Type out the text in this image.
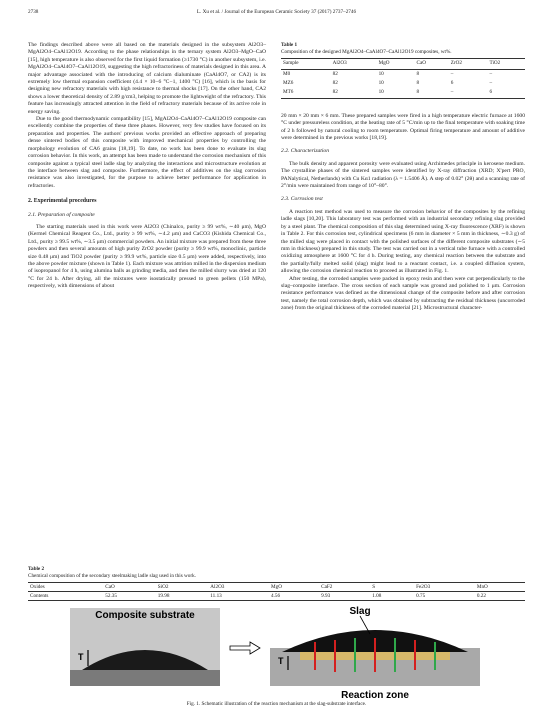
2738	L. Xu et al. / Journal of the European Ceramic Society 37 (2017) 2737–2746

The findings described above were all based on the materials designed in the subsystem Al2O3–MgAl2O4–CaAl12O19. According to the phase relationships in the ternary system Al2O3–MgO–CaO [15], high temperature is also observed for the first liquid formation (≥1730 °C) in another subsystem, i.e. MgAl2O4–CaAl4O7–CaAl12O19, suggesting the high refractoriness of materials designed in this area. A major advantage associated with the introducing of calcium dialuminate (CaAl4O7, or CA2) is its extremely low thermal expansion coefficient (4.4 × 10−6 °C−1, 1400 °C) [16], which is the basis for designing new refractory materials with high resistance to thermal shocks [17]. On the other hand, CA2 shows a lower theoretical density of 2.89 g/cm3, helping to promote the lightweight of the refractory. This feature has increasingly attracted attention in the field of refractory materials because of its active role in energy saving.

Due to the good thermodynamic compatibility [15], MgAl2O4–CaAl4O7–CaAl12O19 composite can excellently combine the properties of these three phases. However, very few studies have focused on its preparation and properties. The authors' previous works provided an effective approach of preparing dense sintered bodies of this composite with improved mechanical properties by controlling the morphology evolution of CA6 grains [18,19]. To date, no work has been done to evaluate its slag corrosion behavior. In this work, an attempt has been made to understand the corrosion mechanism of this composite against a typical steel ladle slag by analyzing the interactions and microstructure evolution at the interface between slag and composite. Furthermore, the effect of additives on the slag corrosion resistance was also investigated, for the purpose to achieve better performance for application in refractories.

2. Experimental procedures
2.1. Preparation of composite

The starting materials used in this work were Al2O3 (Chinalco, purity ≥ 99 wt%, ∼40 μm), MgO (Kermel Chemical Reagent Co., Ltd., purity ≥ 99 wt%, ∼4.2 μm) and CaCO3 (Kishida Chemical Co., Ltd., purity ≥ 99.5 wt%, ∼3.5 μm) commercial powders. An initial mixture was prepared from these three powders and then several amounts of high purity ZrO2 powder (purity ≥ 99.9 wt%, monoclinic, particle size 0.48 μm) and TiO2 powder (purity ≥ 99.9 wt%, particle size 0.5 μm) were added, respectively, into the above powder mixture (shown in Table 1). Each mixture was attrition milled in the dispersion medium of isopropanol for 4 h, using alumina balls as grinding media, and then the milled slurry was dried at 120 °C for 24 h. After drying, all the mixtures were isostatically pressed to green pellets (150 MPa), respectively, with dimensions of about

Table 1
Composition of the designed MgAl2O4–CaAl4O7–CaAl12O19 composites, wt%.
Sample	Al2O3	MgO	CaO	ZrO2	TiO2
M0	82	10	8	–	–
MZ6	82	10	8	6	–
MT6	82	10	8	–	6

20 mm × 20 mm × 6 mm. These prepared samples were fired in a high temperature electric furnace at 1600 °C under pressureless condition, at the heating rate of 5 °C/min up to the final temperature with soaking time of 2 h followed by natural cooling to room temperature. Optimal firing temperature and amount of additive were determined in the previous works [18,19].

2.2. Characterization

The bulk density and apparent porosity were evaluated using Archimedes principle in kerosene medium. The crystalline phases of the sintered samples were identified by X-ray diffraction (XRD; X'pert PRO, PANalytical, Netherlands) with Cu Kα1 radiation (λ = 1.5406 Å). A step of 0.02° (2θ) and a scanning rate of 2°/min were maintained from range of 10°–80°.

2.3. Corrosion test

A reaction test method was used to measure the corrosion behavior of the composites by the refining ladle slags [10,20]. This laboratory test was performed with an industrial secondary refining slag provided by a steel plant. The chemical composition of this slag determined using X-ray fluorescence (XRF) is shown in Table 2. For this corrosion test, cylindrical specimens (6 mm in diameter × 5 mm in thickness, ∼0.3 g) of the milled slag were placed in contact with the polished surfaces of the different composite substrates (∼5 mm in thickness) prepared in this study. The test was carried out in a vertical tube furnace with a controlled oxidizing atmosphere at 1600 °C for 4 h. During testing, any chemical reaction between the substrate and the partially/fully melted solid (slag) might lead to a reactant contact, i.e. a coupled diffusion system, allowing the corrosion chemical reaction to proceed as illustrated in Fig. 1.

After testing, the corroded samples were packed in epoxy resin and then were cut perpendicularly to the slag–composite interface. The cross section of each sample was ground and polished to 1 μm. Corrosion resistance performance was defined as the dimensional change of the composite before and after corrosion test, namely the total corrosion depth, which was obtained by subtracting the residual thickness (uncorroded zone) from the original thickness of the corroded material [21]. Microstructural character-

Table 2
Chemical composition of the secondary steelmaking ladle slag used in this work.
Oxides	CaO	SiO2	Al2O3	MgO	CaF2	S	Fe2O3	MnO
Contents	52.35	19.98	11.13	4.56	9.93	1.08	0.75	0.22
Composite substrate
T
Slag
T
Reaction zone
Fig. 1. Schematic illustration of the reaction mechanism at the slag-substrate interface.
